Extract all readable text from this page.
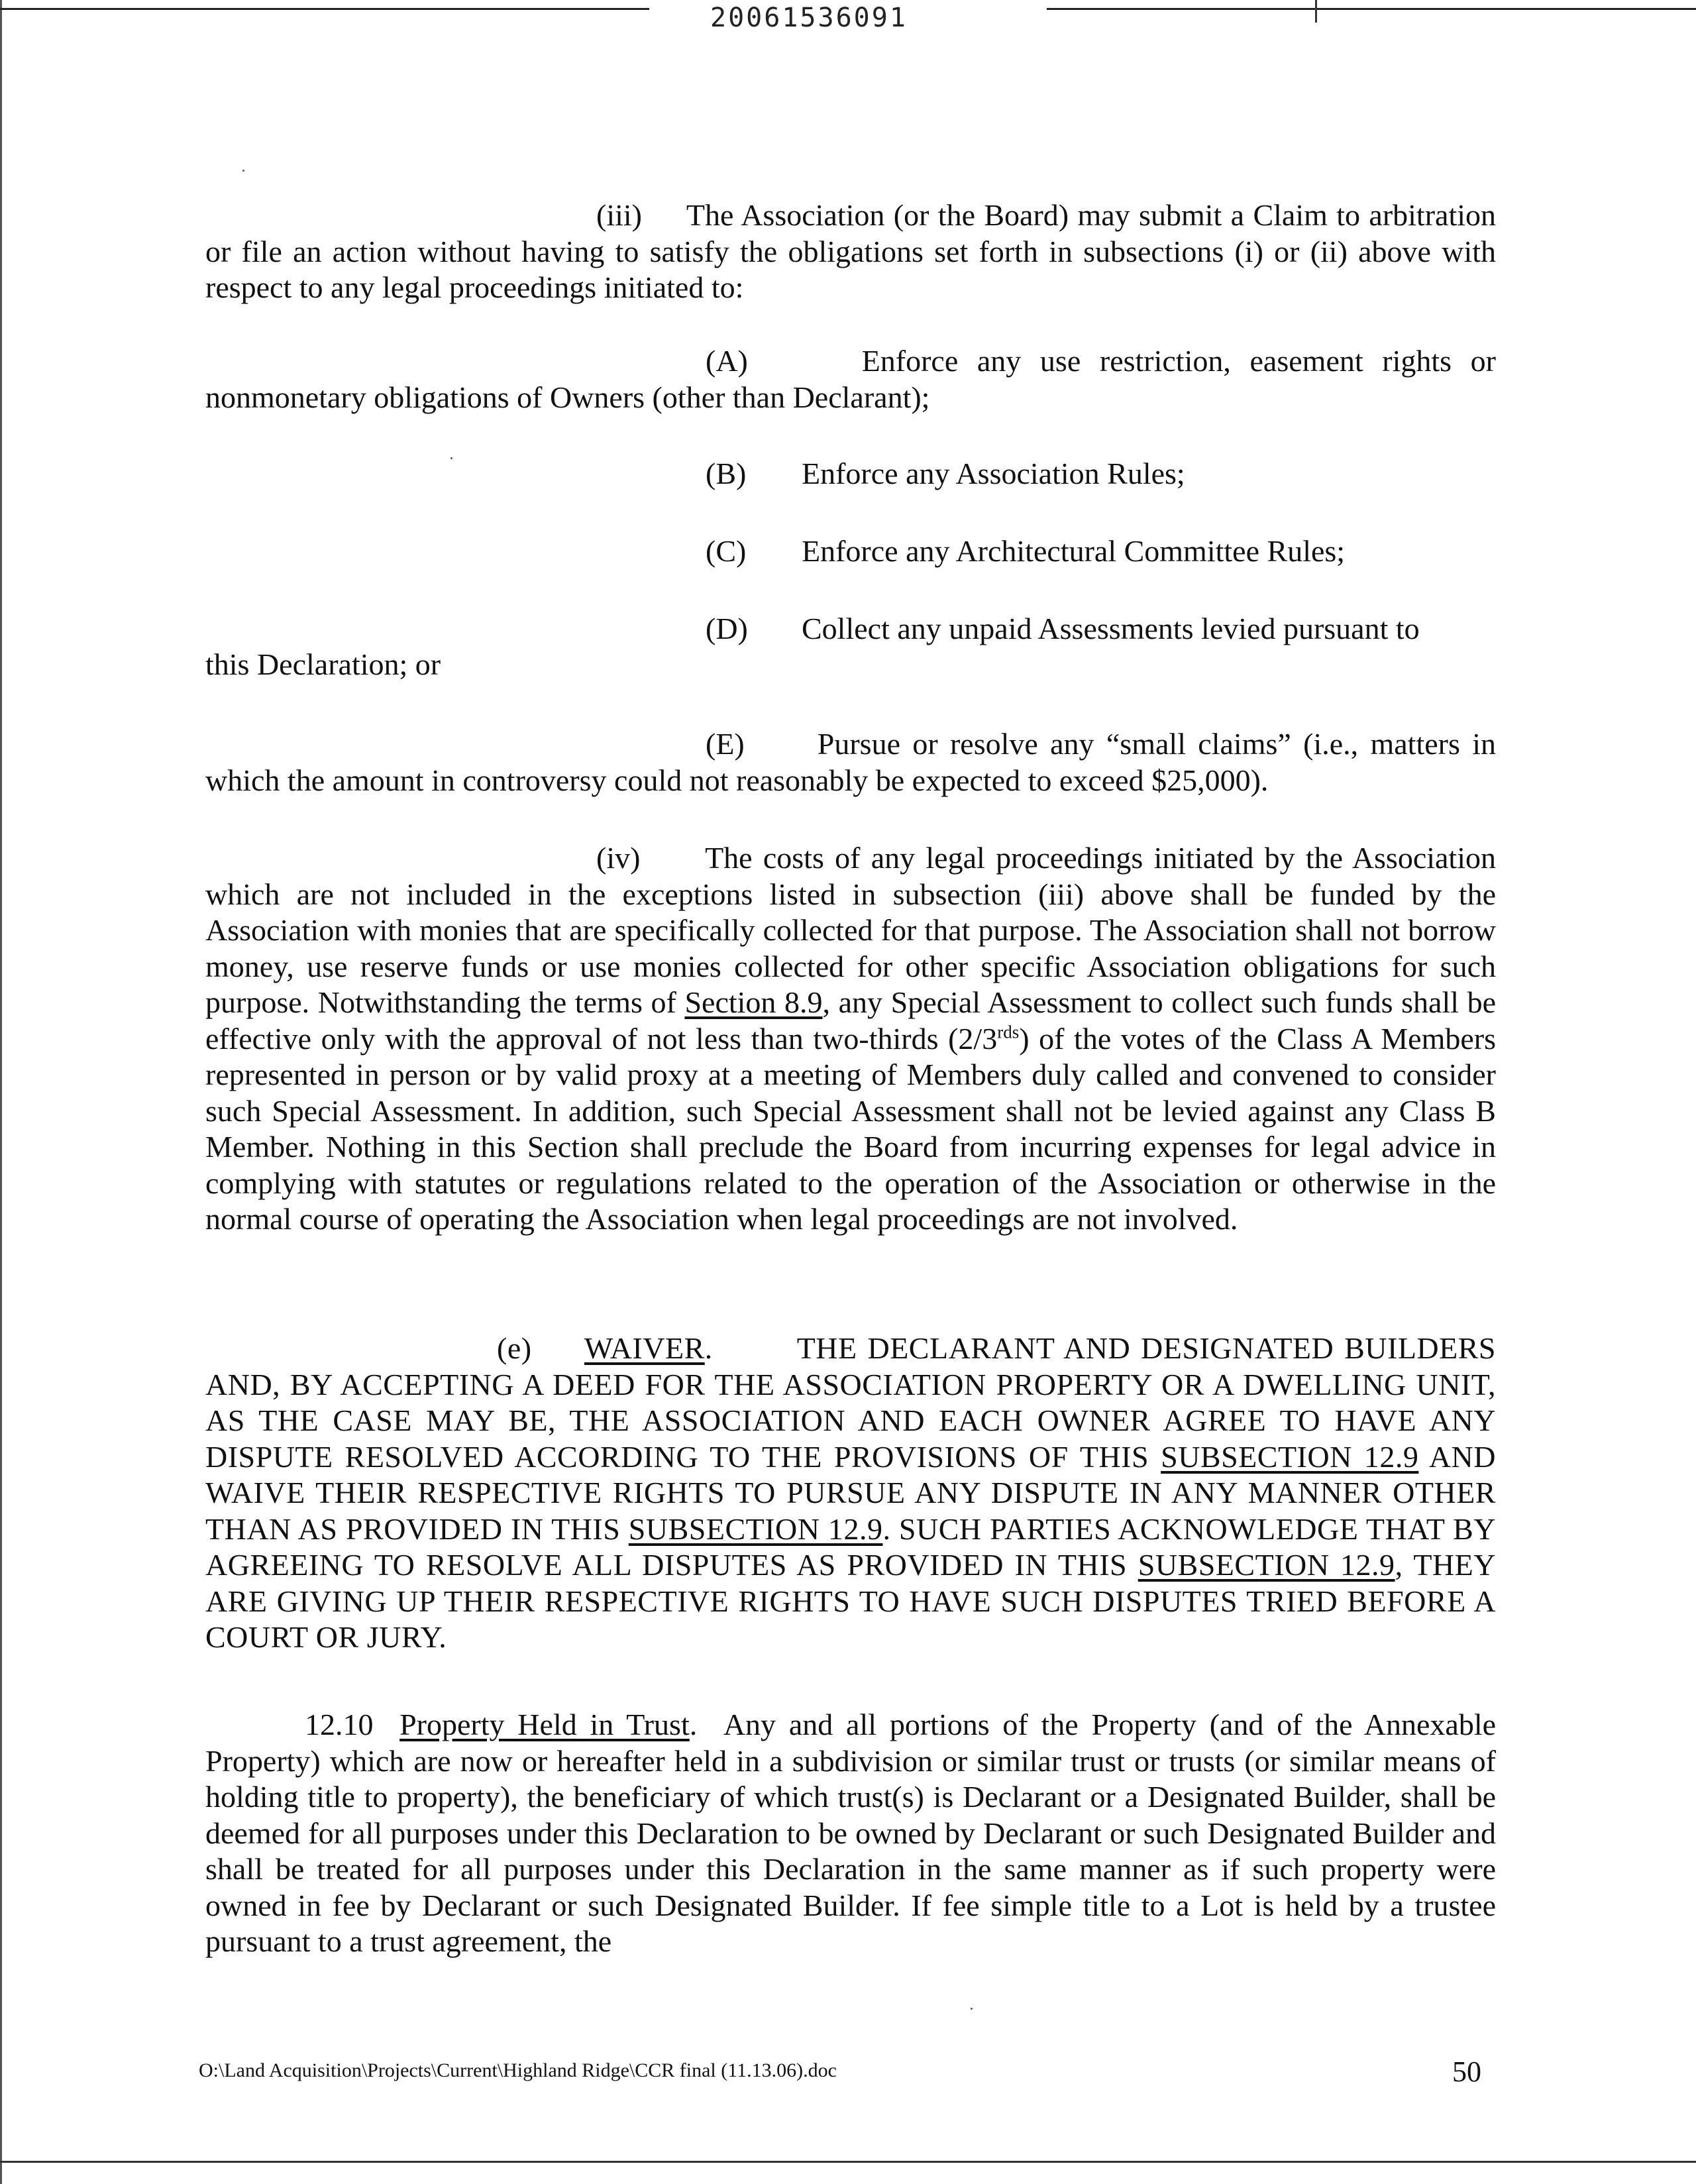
20061536091

(iii) The Association (or the Board) may submit a Claim to arbitration or file an action without having to satisfy the obligations set forth in subsections (i) or (ii) above with respect to any legal proceedings initiated to:

(A)	Enforce any use restriction, easement rights or nonmonetary obligations of Owners (other than Declarant);

(B) Enforce any Association Rules;

(C) Enforce any Architectural Committee Rules;

(D) Collect any unpaid Assessments levied pursuant to

this Declaration; or

(E) Pursue or resolve any “small claims” (i.e., matters in which the amount in controversy could not reasonably be expected to exceed $25,000).

(iv) The costs of any legal proceedings initiated by the Association which are not included in the exceptions listed in subsection (iii) above shall be funded by the Association with monies that are specifically collected for that purpose. The Association shall not borrow money, use reserve funds or use monies collected for other specific Association obligations for such purpose. Notwithstanding the terms of Section 8.9, any Special Assessment to collect such funds shall be effective only with the approval of not less than two-thirds $(2/3^{rds})$ of the votes of the Class A Members represented in person or by valid proxy at a meeting of Members duly called and convened to consider such Special Assessment. In addition, such Special Assessment shall not be levied against any Class B Member. Nothing in this Section shall preclude the Board from incurring expenses for legal advice in complying with statutes or regulations related to the operation of the Association or otherwise in the normal course of operating the Association when legal proceedings are not involved.

(e) WAIVER.        THE DECLARANT AND DESIGNATED BUILDERS AND, BY ACCEPTING A DEED FOR THE ASSOCIATION PROPERTY OR A DWELLING UNIT, AS THE CASE MAY BE, THE ASSOCIATION AND EACH OWNER AGREE TO HAVE ANY DISPUTE RESOLVED ACCORDING TO THE PROVISIONS OF THIS SUBSECTION 12.9 AND WAIVE THEIR RESPECTIVE RIGHTS TO PURSUE ANY DISPUTE IN ANY MANNER OTHER THAN AS PROVIDED IN THIS SUBSECTION 12.9. SUCH PARTIES ACKNOWLEDGE THAT BY AGREEING TO RESOLVE ALL DISPUTES AS PROVIDED IN THIS SUBSECTION 12.9, THEY ARE GIVING UP THEIR RESPECTIVE RIGHTS TO HAVE SUCH DISPUTES TRIED BEFORE A COURT OR JURY.

12.10 Property Held in Trust.  Any and all portions of the Property (and of the Annexable Property) which are now or hereafter held in a subdivision or similar trust or trusts (or similar means of holding title to property), the beneficiary of which trust(s) is Declarant or a Designated Builder, shall be deemed for all purposes under this Declaration to be owned by Declarant or such Designated Builder and shall be treated for all purposes under this Declaration in the same manner as if such property were owned in fee by Declarant or such Designated Builder. If fee simple title to a Lot is held by a trustee pursuant to a trust agreement, the

O:\Land Acquisition\Projects\Current\Highland Ridge\CCR final (11.13.06).doc	50
